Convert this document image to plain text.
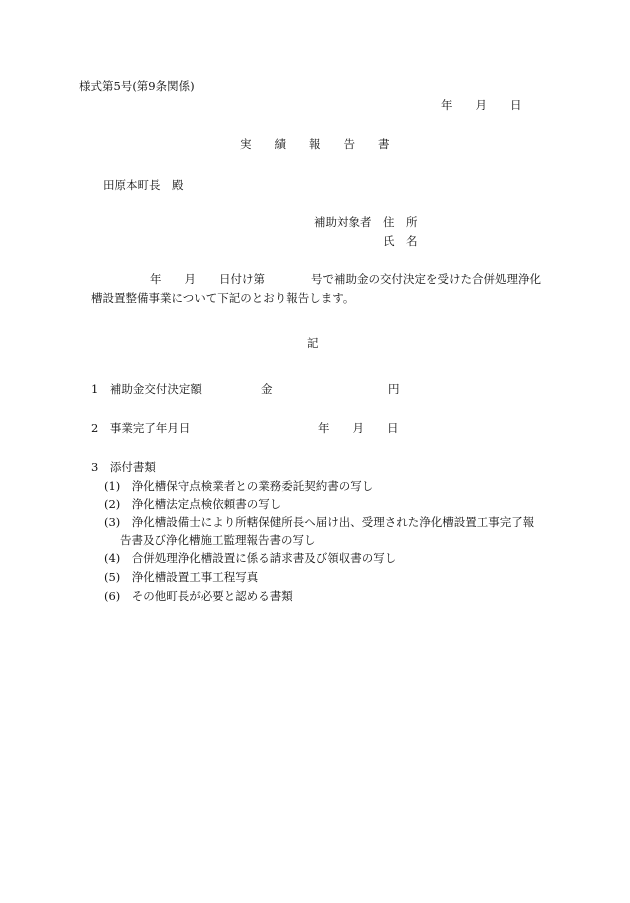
様式第5号(第9条関係)
年　　月　　日
実　　績　　報　　告　　書
田原本町長　殿
補助対象者　住　所
氏　名
年　　月　　日付け第　　　　号で補助金の交付決定を受けた合併処理浄化
槽設置整備事業について下記のとおり報告します。
記
1　補助金交付決定額	金	円
2　事業完了年月日	年　　月　　日
3　添付書類
(1)　浄化槽保守点検業者との業務委託契約書の写し
(2)　浄化槽法定点検依頼書の写し
(3)　浄化槽設備士により所轄保健所長へ届け出、受理された浄化槽設置工事完了報
告書及び浄化槽施工監理報告書の写し
(4)　合併処理浄化槽設置に係る請求書及び領収書の写し
(5)　浄化槽設置工事工程写真
(6)　その他町長が必要と認める書類
